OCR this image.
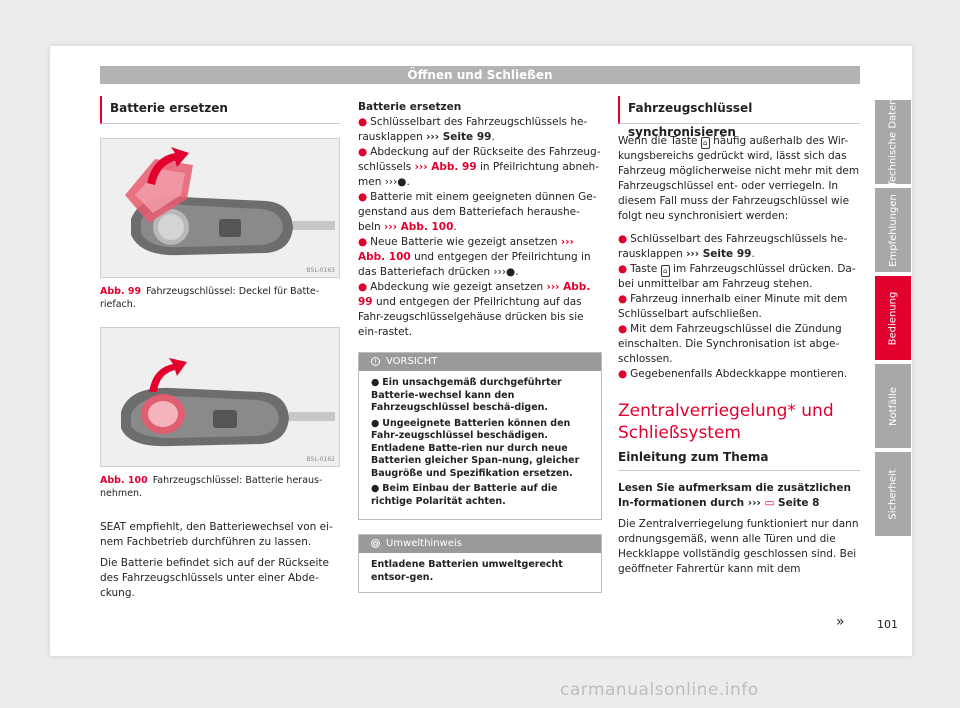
Öffnen und Schließen
Batterie ersetzen
B5L-0163
Abb. 99 Fahrzeugschlüssel: Deckel für Batte-riefach.
B5L-0162
Abb. 100 Fahrzeugschlüssel: Batterie heraus-nehmen.

SEAT empfiehlt, den Batteriewechsel von ei-nem Fachbetrieb durchführen zu lassen.

Die Batterie befindet sich auf der Rückseite des Fahrzeugschlüssels unter einer Abde-ckung.

Batterie ersetzen

● Schlüsselbart des Fahrzeugschlüssels he-rausklappen ››› Seite 99.

● Abdeckung auf der Rückseite des Fahrzeug-schlüssels ››› Abb. 99 in Pfeilrichtung abneh-men ›››●.

● Batterie mit einem geeigneten dünnen Ge-genstand aus dem Batteriefach heraushe-beln ››› Abb. 100.

● Neue Batterie wie gezeigt ansetzen ››› Abb. 100 und entgegen der Pfeilrichtung in das Batteriefach drücken ›››●.

● Abdeckung wie gezeigt ansetzen ››› Abb. 99 und entgegen der Pfeilrichtung auf das Fahr-zeugschlüsselgehäuse drücken bis sie ein-rastet.

! VORSICHT

● Ein unsachgemäß durchgeführter Batterie-wechsel kann den Fahrzeugschlüssel beschä-digen.

● Ungeeignete Batterien können den Fahr-zeugschlüssel beschädigen. Entladene Batte-rien nur durch neue Batterien gleicher Span-nung, gleicher Baugröße und Spezifikation ersetzen.

● Beim Einbau der Batterie auf die richtige Polarität achten.

✿ Umwelthinweis
Entladene Batterien umweltgerecht entsor-gen.
Fahrzeugschlüssel synchronisieren

Wenn die Taste ⌂ häufig außerhalb des Wir-kungsbereichs gedrückt wird, lässt sich das Fahrzeug möglicherweise nicht mehr mit dem Fahrzeugschlüssel ent- oder verriegeln. In diesem Fall muss der Fahrzeugschlüssel wie folgt neu synchronisiert werden:

● Schlüsselbart des Fahrzeugschlüssels he-rausklappen ››› Seite 99.

● Taste ⌂ im Fahrzeugschlüssel drücken. Da-bei unmittelbar am Fahrzeug stehen.

● Fahrzeug innerhalb einer Minute mit dem Schlüsselbart aufschließen.

● Mit dem Fahrzeugschlüssel die Zündung einschalten. Die Synchronisation ist abge-schlossen.

● Gegebenenfalls Abdeckkappe montieren.

Zentralverriegelung* und Schließsystem
Einleitung zum Thema

Lesen Sie aufmerksam die zusätzlichen In-formationen durch ››› ▭ Seite 8

Die Zentralverriegelung funktioniert nur dann ordnungsgemäß, wenn alle Türen und die Heckklappe vollständig geschlossen sind. Bei geöffneter Fahrertür kann mit dem

»
Technische Daten
Empfehlungen
Bedienung
Notfälle
Sicherheit
101
carmanualsonline.info
